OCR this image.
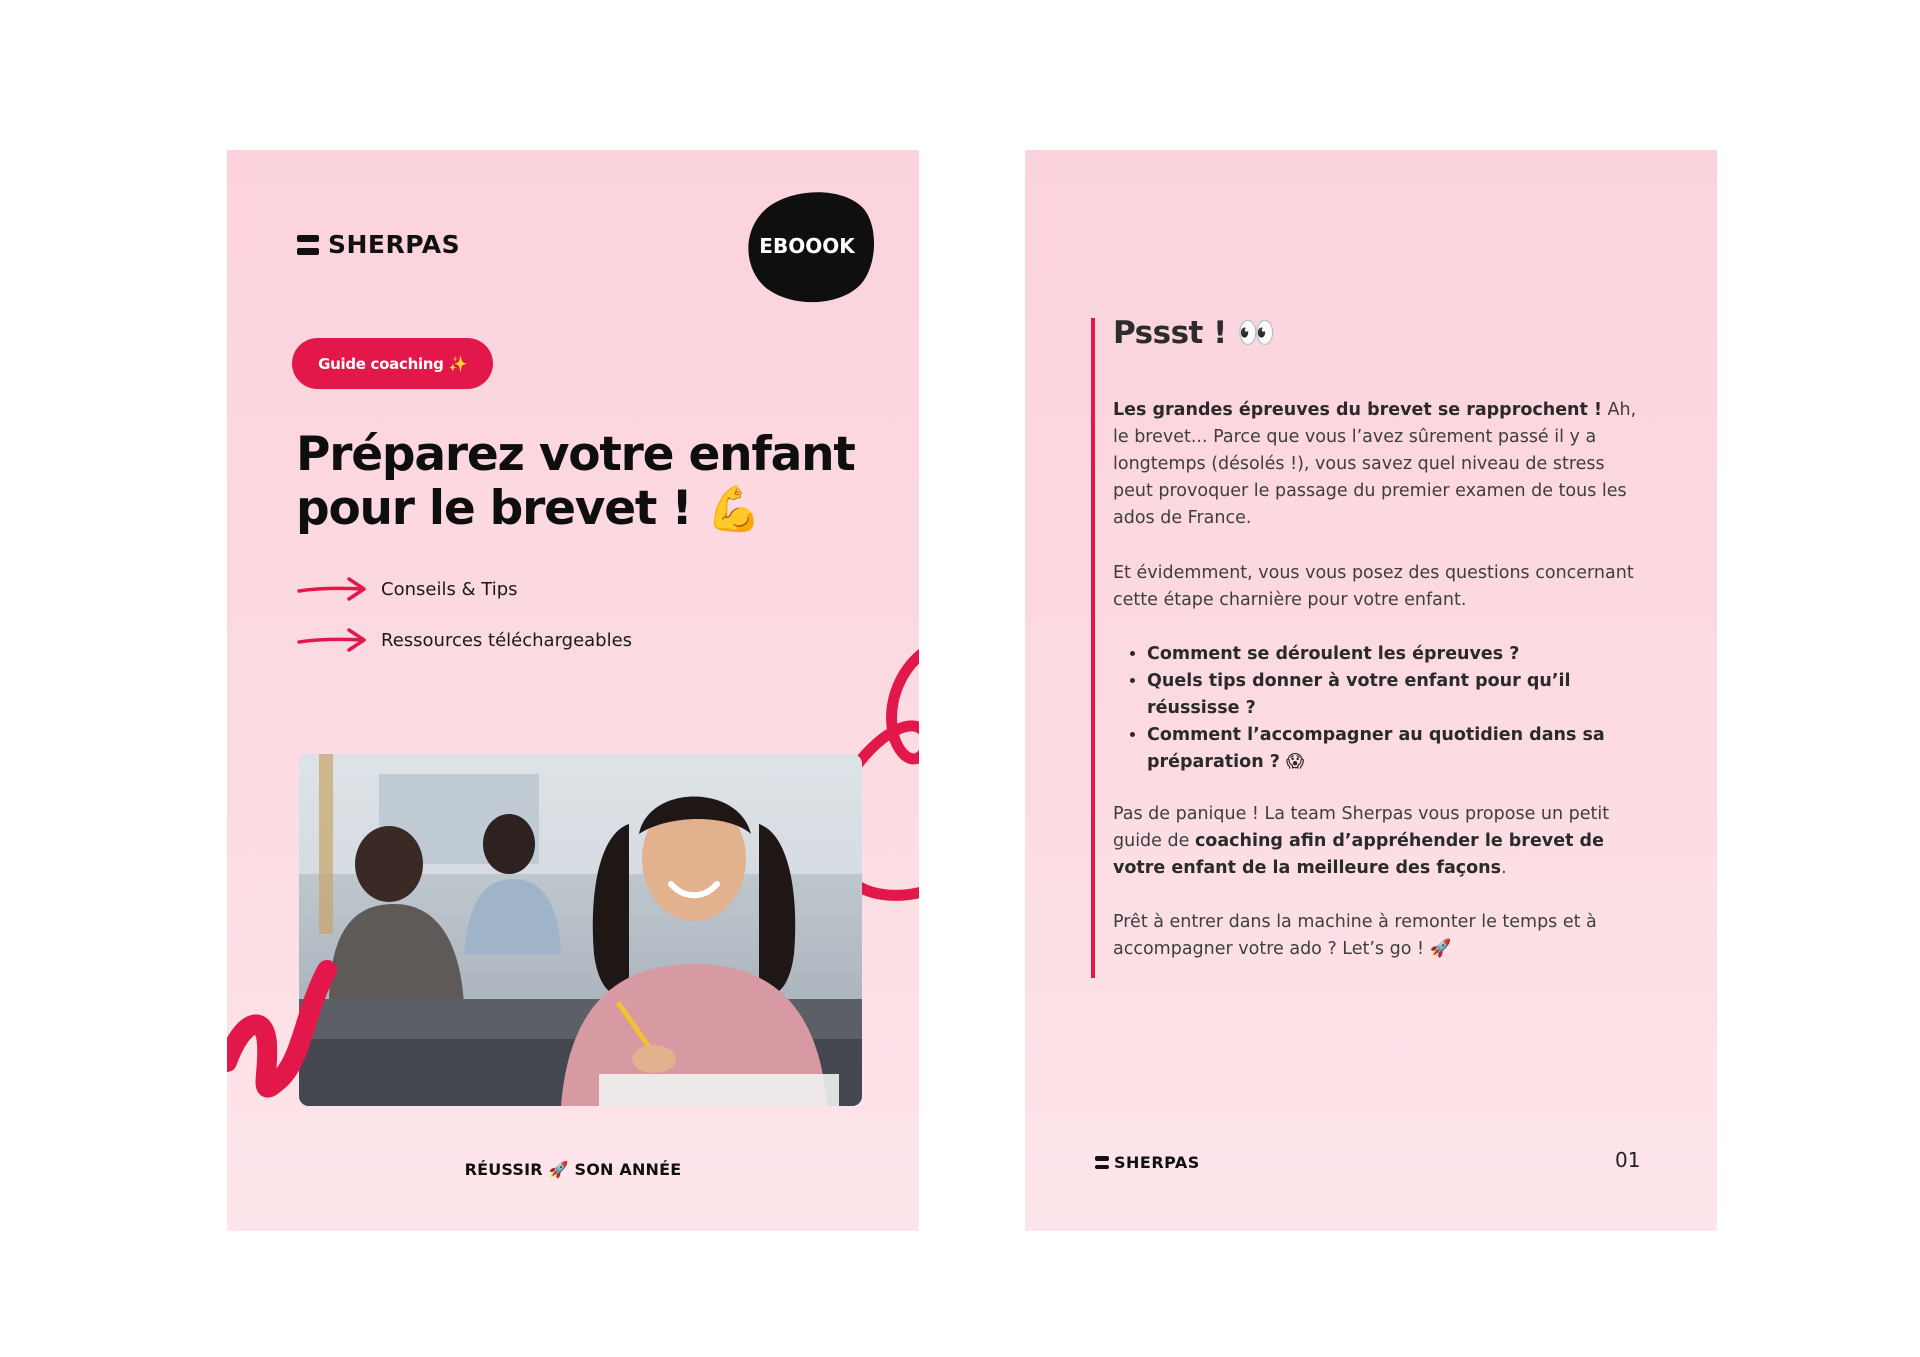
SHERPAS	EBOOOK
Guide coaching ✨
Préparez votre enfant
pour le brevet ! 💪
Conseils & Tips
Ressources téléchargeables
RÉUSSIR 🚀 SON ANNÉE
Pssst ! 👀

Les grandes épreuves du brevet se rapprochent ! Ah, le brevet... Parce que vous l’avez sûrement passé il y a longtemps (désolés !), vous savez quel niveau de stress peut provoquer le passage du premier examen de tous les ados de France.

Et évidemment, vous vous posez des questions concernant cette étape charnière pour votre enfant.

• Comment se déroulent les épreuves ?
• Quels tips donner à votre enfant pour qu’il réussisse ?
• Comment l’accompagner au quotidien dans sa préparation ? 😱

Pas de panique ! La team Sherpas vous propose un petit guide de coaching afin d’appréhender le brevet de votre enfant de la meilleure des façons.

Prêt à entrer dans la machine à remonter le temps et à accompagner votre ado ? Let’s go ! 🚀

SHERPAS	01
